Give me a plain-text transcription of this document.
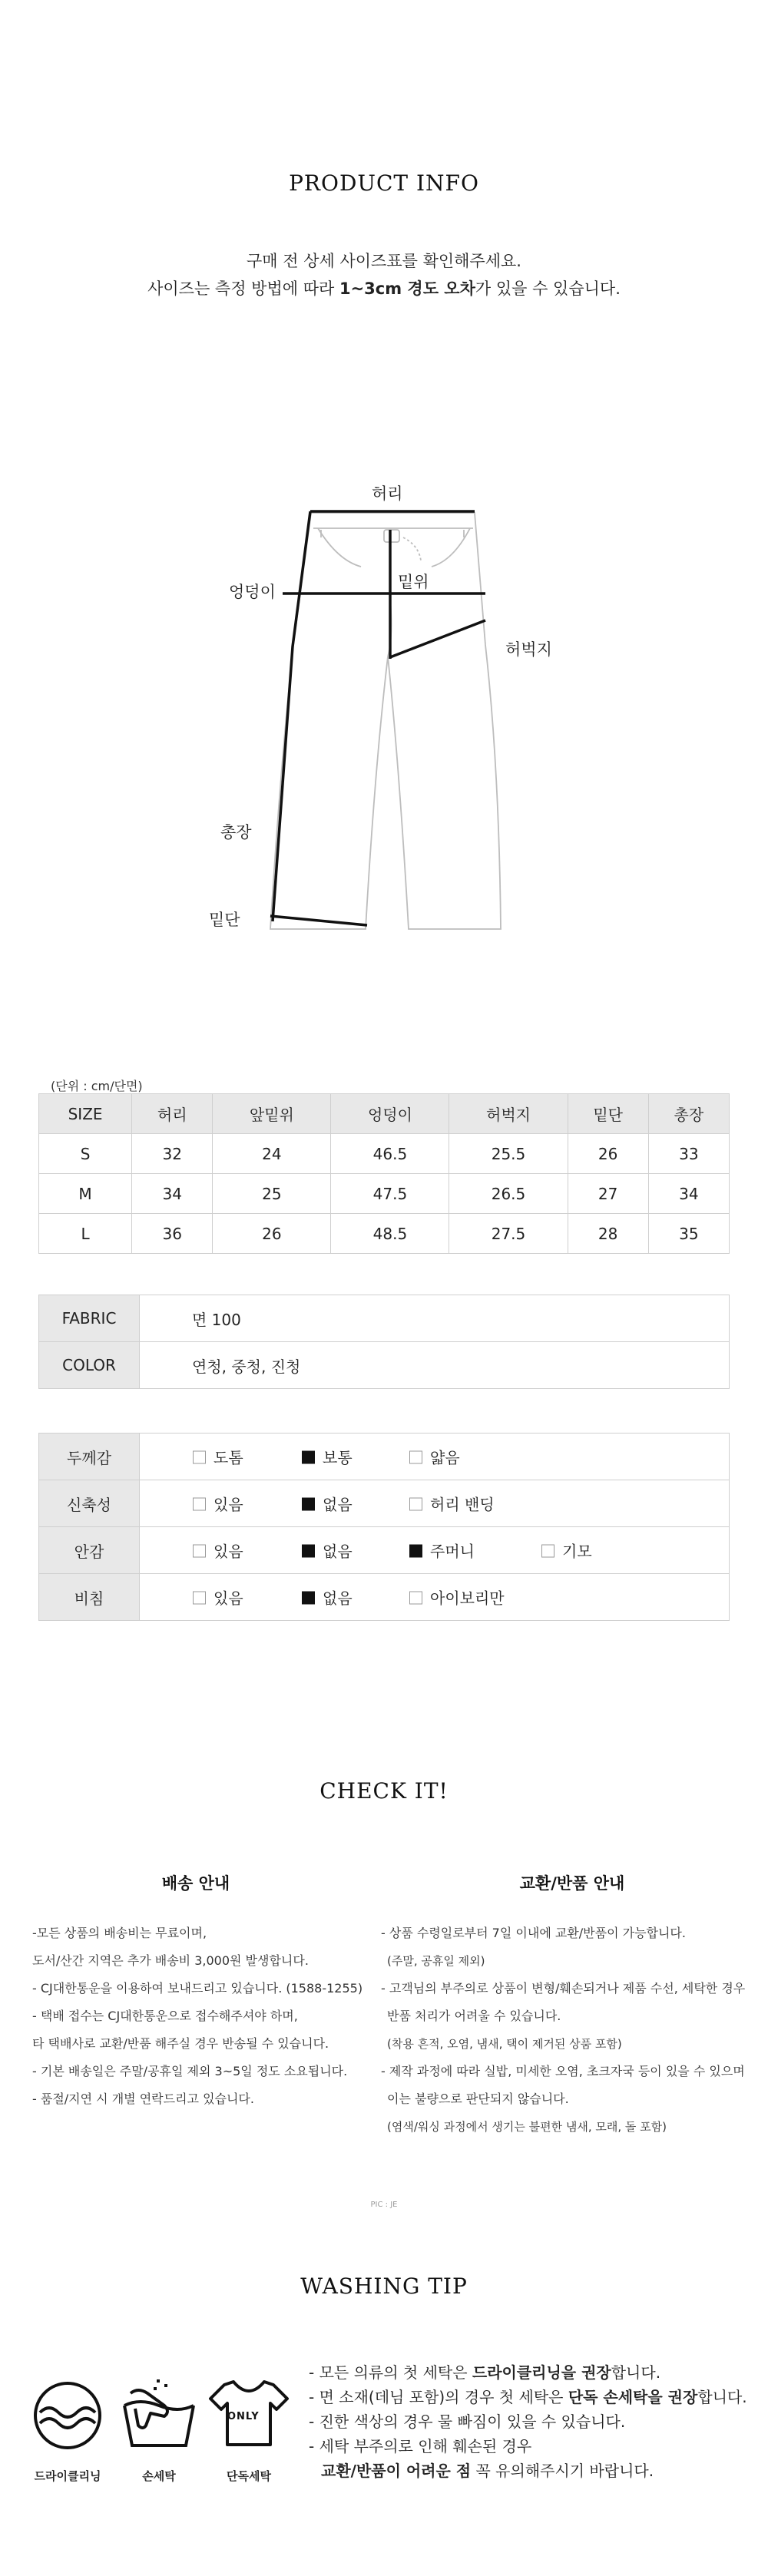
PRODUCT INFO
구매 전 상세 사이즈표를 확인해주세요.
사이즈는 측정 방법에 따라 1~3cm 경도 오차가 있을 수 있습니다.
허리
밑위
엉덩이
허벅지
총장
밑단
(단위 : cm/단면)
SIZE	허리	앞밑위	엉덩이	허벅지	밑단	총장
S	32	24	46.5	25.5	26	33
M	34	25	47.5	26.5	27	34
L	36	26	48.5	27.5	28	35
FABRIC	면 100
COLOR	연청, 중청, 진청
두께감	도톰 보통 얇음

신축성	있음 없음 허리 밴딩

안감	있음 없음 주머니 기모

비침	있음 없음 아이보리만
CHECK IT!
배송 안내	교환/반품 안내
-모든 상품의 배송비는 무료이며,
도서/산간 지역은 추가 배송비 3,000원 발생합니다.
- CJ대한통운을 이용하여 보내드리고 있습니다. (1588-1255)
- 택배 접수는 CJ대한통운으로 접수해주셔야 하며,
타 택배사로 교환/반품 해주실 경우 반송될 수 있습니다.
- 기본 배송일은 주말/공휴일 제외 3~5일 정도 소요됩니다.
- 품절/지연 시 개별 연락드리고 있습니다.
- 상품 수령일로부터 7일 이내에 교환/반품이 가능합니다.
(주말, 공휴일 제외)
- 고객님의 부주의로 상품이 변형/훼손되거나 제품 수선, 세탁한 경우
반품 처리가 어려울 수 있습니다.
(착용 흔적, 오염, 냄새, 택이 제거된 상품 포함)
- 제작 과정에 따라 실밥, 미세한 오염, 초크자국 등이 있을 수 있으며
이는 불량으로 판단되지 않습니다.
(염색/워싱 과정에서 생기는 불편한 냄새, 모래, 돌 포함)
PIC : JE
WASHING TIP
ONLY
드라이클리닝	손세탁	단독세탁
- 모든 의류의 첫 세탁은 드라이클리닝을 권장합니다.
- 면 소재(데님 포함)의 경우 첫 세탁은 단독 손세탁을 권장합니다.
- 진한 색상의 경우 물 빠짐이 있을 수 있습니다.
- 세탁 부주의로 인해 훼손된 경우
교환/반품이 어려운 점 꼭 유의해주시기 바랍니다.
